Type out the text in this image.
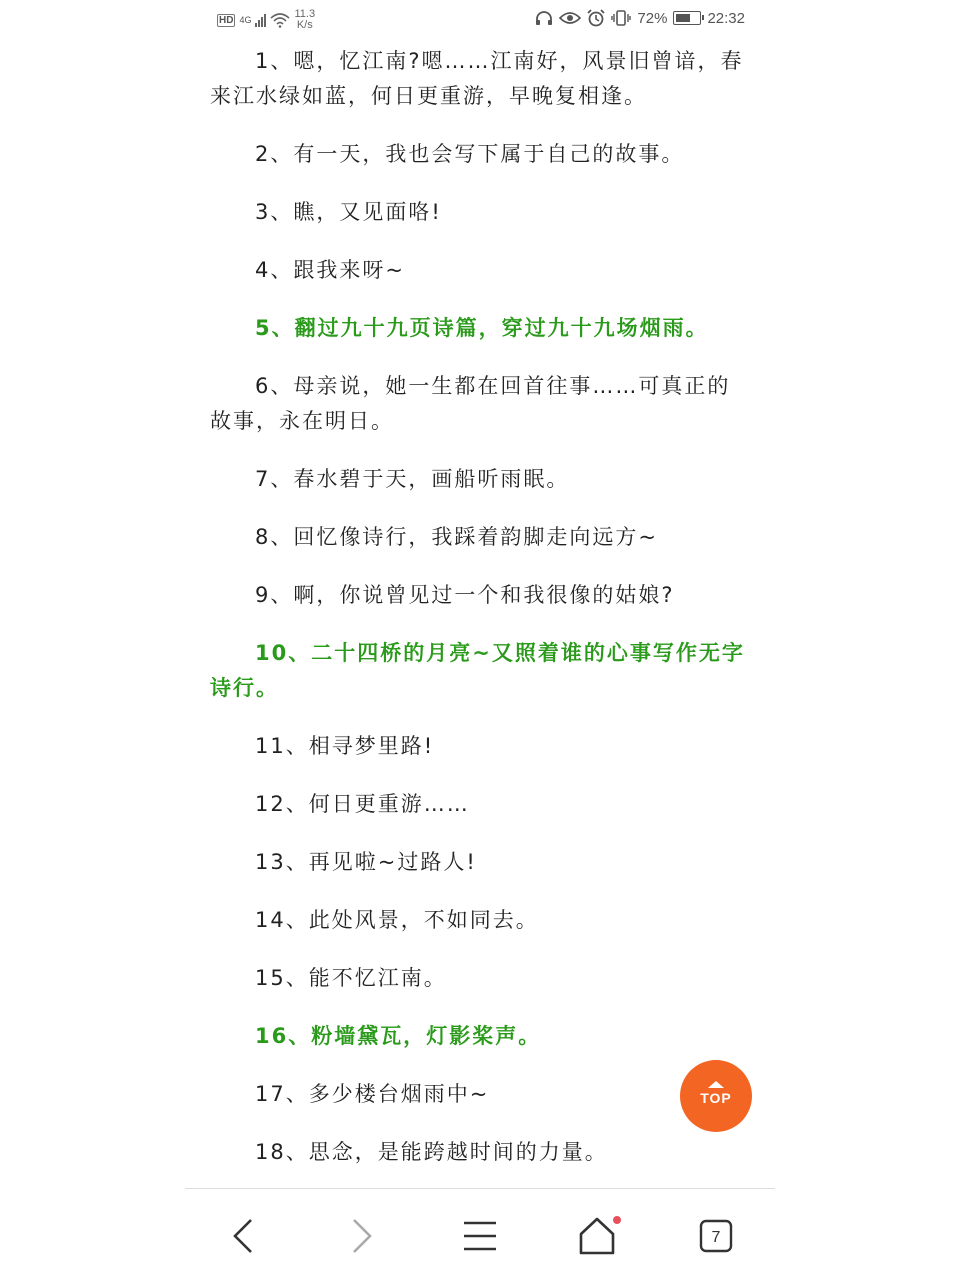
HD 4G	11.3
K/s	72%	22:32

1、嗯，忆江南?嗯……江南好，风景旧曾谙，春来江水绿如蓝，何日更重游，早晚复相逢。

2、有一天，我也会写下属于自己的故事。

3、瞧，又见面咯!

4、跟我来呀~

5、翻过九十九页诗篇，穿过九十九场烟雨。

6、母亲说，她一生都在回首往事……可真正的故事，永在明日。

7、春水碧于天，画船听雨眠。

8、回忆像诗行，我踩着韵脚走向远方~

9、啊，你说曾见过一个和我很像的姑娘?

10、二十四桥的月亮~又照着谁的心事写作无字诗行。

11、相寻梦里路!

12、何日更重游……

13、再见啦~过路人!

14、此处风景，不如同去。

15、能不忆江南。

16、粉墙黛瓦，灯影桨声。

17、多少楼台烟雨中~

18、思念，是能跨越时间的力量。

TOP
7
